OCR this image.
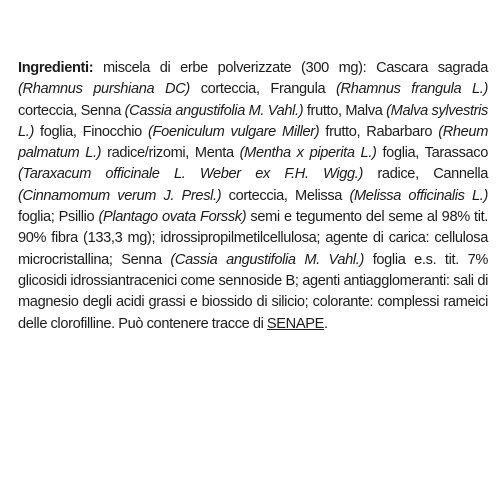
Ingredienti: miscela di erbe polverizzate (300 mg): Cascara sagrada (Rhamnus purshiana DC) corteccia, Frangula (Rhamnus frangula L.) corteccia, Senna (Cassia angustifolia M. Vahl.) frutto, Malva (Malva sylvestris L.) foglia, Finocchio (Foeniculum vulgare Miller) frutto, Rabarbaro (Rheum palmatum L.) radice/rizomi, Menta (Mentha x piperita L.) foglia, Tarassaco (Taraxacum officinale L. Weber ex F.H. Wigg.) radice, Cannella (Cinnamomum verum J. Presl.) corteccia, Melissa (Melissa officinalis L.) foglia; Psillio (Plantago ovata Forssk) semi e tegumento del seme al 98% tit. 90% fibra (133,3 mg); idrossipropilmetilcellulosa; agente di carica: cellulosa microcristallina; Senna (Cassia angustifolia M. Vahl.) foglia e.s. tit. 7% glicosidi idrossiantracenici come sennoside B; agenti antiagglomeranti: sali di magnesio degli acidi grassi e biossido di silicio; colorante: complessi rameici delle clorofilline. Può contenere tracce di SENAPE.
